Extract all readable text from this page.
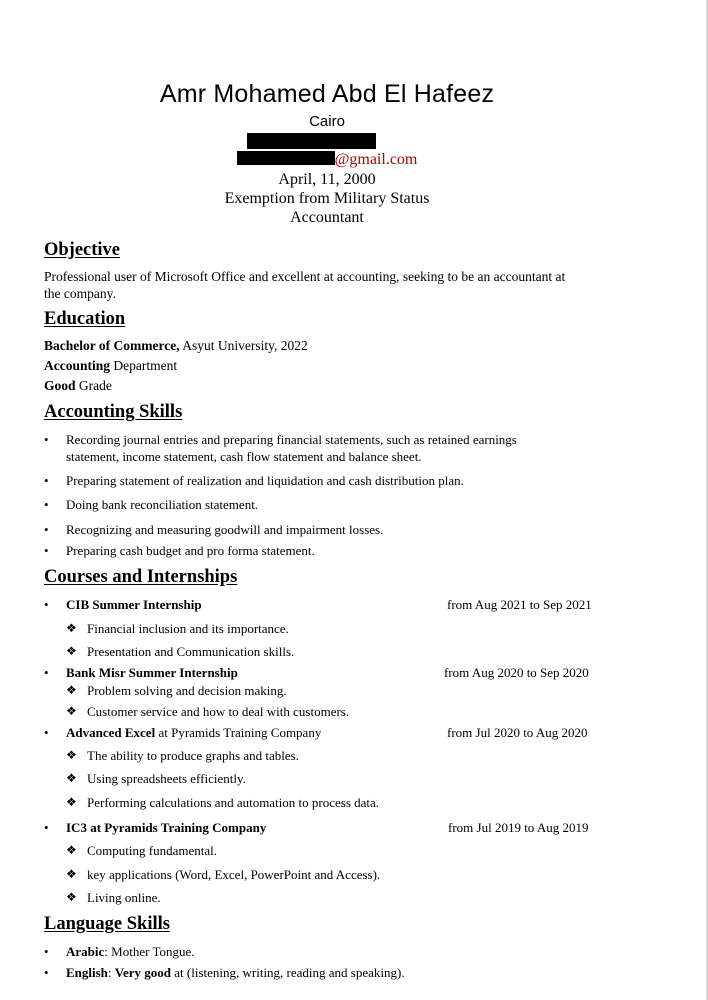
Amr Mohamed Abd El Hafeez
Cairo
@gmail.com
April, 11, 2000
Exemption from Military Status
Accountant
Objective
Professional user of Microsoft Office and excellent at accounting, seeking to be an accountant at
the company.
Education
Bachelor of Commerce, Asyut University, 2022
Accounting Department
Good Grade
Accounting Skills
• Recording journal entries and preparing financial statements, such as retained earnings
statement, income statement, cash flow statement and balance sheet.
• Preparing statement of realization and liquidation and cash distribution plan.
• Doing bank reconciliation statement.
• Recognizing and measuring goodwill and impairment losses.
• Preparing cash budget and pro forma statement.
Courses and Internships
• CIB Summer Internship	from Aug 2021 to Sep 2021
❖ Financial inclusion and its importance.
❖ Presentation and Communication skills.
• Bank Misr Summer Internship	from Aug 2020 to Sep 2020
❖ Problem solving and decision making.
❖ Customer service and how to deal with customers.
• Advanced Excel at Pyramids Training Company	from Jul 2020 to Aug 2020
❖ The ability to produce graphs and tables.
❖ Using spreadsheets efficiently.
❖ Performing calculations and automation to process data.
• IC3 at Pyramids Training Company	from Jul 2019 to Aug 2019
❖ Computing fundamental.
❖ key applications (Word, Excel, PowerPoint and Access).
❖ Living online.
Language Skills
• Arabic: Mother Tongue.
• English: Very good at (listening, writing, reading and speaking).
